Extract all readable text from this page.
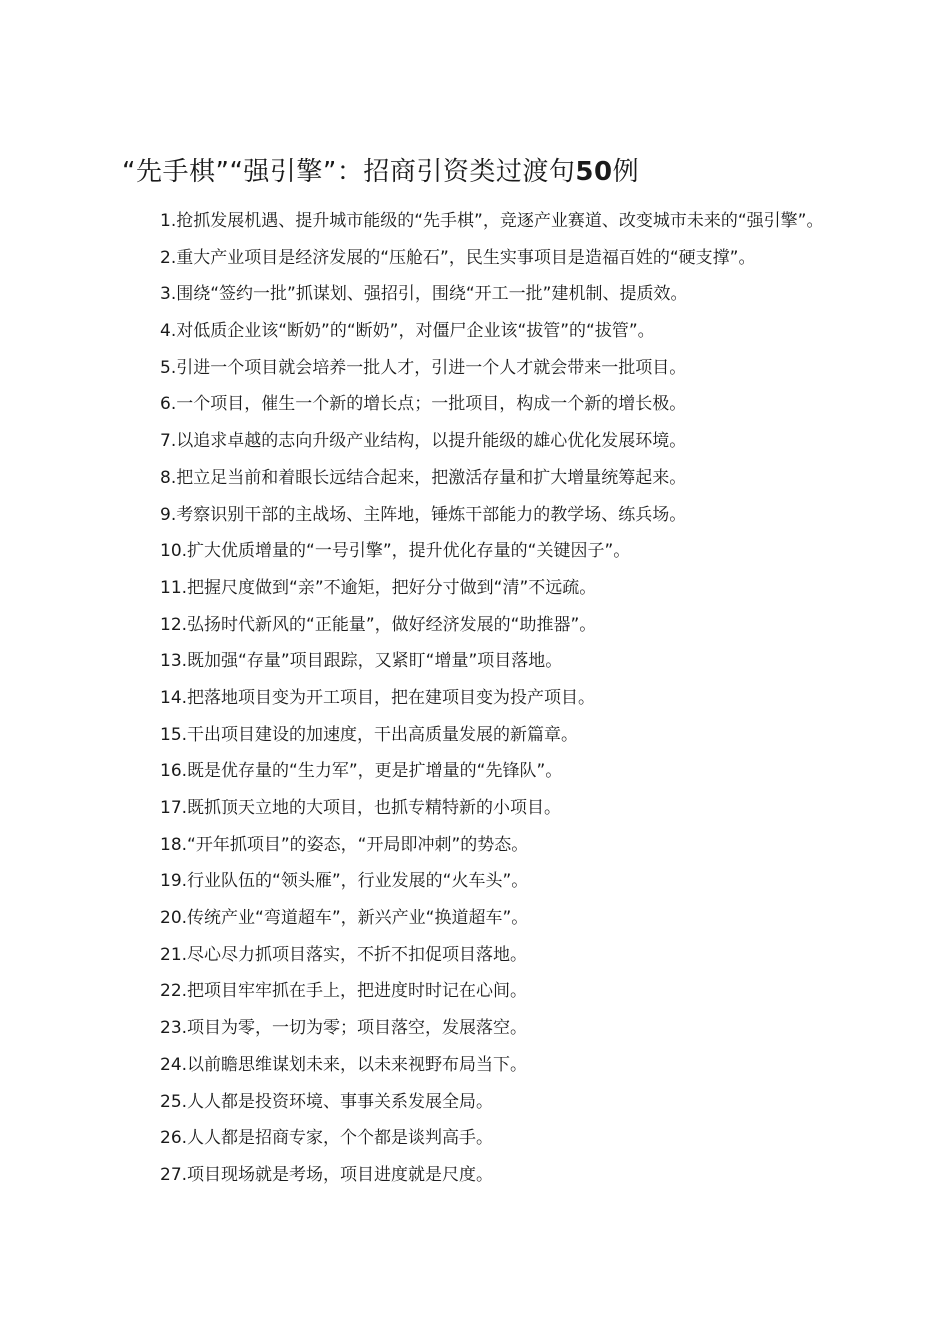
“先手棋”“强引擎”：招商引资类过渡句50例
1.抢抓发展机遇、提升城市能级的“先手棋”，竞逐产业赛道、改变城市未来的“强引擎”。
2.重大产业项目是经济发展的“压舱石”，民生实事项目是造福百姓的“硬支撑”。
3.围绕“签约一批”抓谋划、强招引，围绕“开工一批”建机制、提质效。
4.对低质企业该“断奶”的“断奶”，对僵尸企业该“拔管”的“拔管”。
5.引进一个项目就会培养一批人才，引进一个人才就会带来一批项目。
6.一个项目，催生一个新的增长点；一批项目，构成一个新的增长极。
7.以追求卓越的志向升级产业结构，以提升能级的雄心优化发展环境。
8.把立足当前和着眼长远结合起来，把激活存量和扩大增量统筹起来。
9.考察识别干部的主战场、主阵地，锤炼干部能力的教学场、练兵场。
10.扩大优质增量的“一号引擎”，提升优化存量的“关键因子”。
11.把握尺度做到“亲”不逾矩，把好分寸做到“清”不远疏。
12.弘扬时代新风的“正能量”，做好经济发展的“助推器”。
13.既加强“存量”项目跟踪，又紧盯“增量”项目落地。
14.把落地项目变为开工项目，把在建项目变为投产项目。
15.干出项目建设的加速度，干出高质量发展的新篇章。
16.既是优存量的“生力军”，更是扩增量的“先锋队”。
17.既抓顶天立地的大项目，也抓专精特新的小项目。
18.“开年抓项目”的姿态，“开局即冲刺”的势态。
19.行业队伍的“领头雁”，行业发展的“火车头”。
20.传统产业“弯道超车”，新兴产业“换道超车”。
21.尽心尽力抓项目落实，不折不扣促项目落地。
22.把项目牢牢抓在手上，把进度时时记在心间。
23.项目为零，一切为零；项目落空，发展落空。
24.以前瞻思维谋划未来，以未来视野布局当下。
25.人人都是投资环境、事事关系发展全局。
26.人人都是招商专家，个个都是谈判高手。
27.项目现场就是考场，项目进度就是尺度。
